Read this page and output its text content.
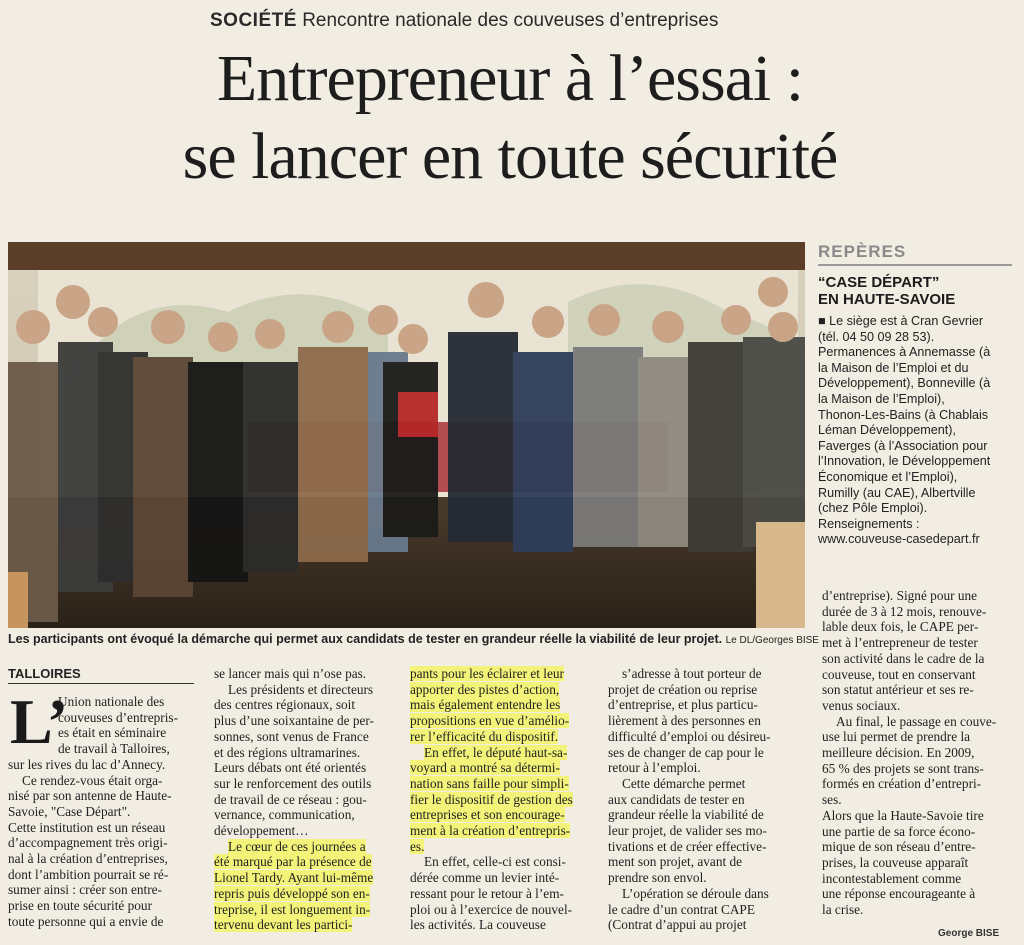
SOCIÉTÉ Rencontre nationale des couveuses d’entreprises
Entrepreneur à l’essai :
se lancer en toute sécurité
Les participants ont évoqué la démarche qui permet aux candidats de tester en grandeur réelle la viabilité de leur projet. Le DL/Georges BISE
REPÈRES
“CASE DÉPART”
EN HAUTE-SAVOIE

■ Le siège est à Cran Gevrier

(tél. 04 50 09 28 53).

Permanences à Annemasse (à

la Maison de l’Emploi et du

Développement), Bonneville (à

la Maison de l’Emploi),

Thonon-Les-Bains (à Chablais

Léman Développement),

Faverges (à l’Association pour

l’Innovation, le Développement

Économique et l’Emploi),

Rumilly (au CAE), Albertville

(chez Pôle Emploi).

Renseignements :

www.couveuse-casedepart.fr

TALLOIRES
L’

Union nationale des

couveuses d’entrepris-

es était en séminaire

de travail à Talloires,

sur les rives du lac d’Annecy.

Ce rendez-vous était orga-

nisé par son antenne de Haute-

Savoie, "Case Départ".

Cette institution est un réseau

d’accompagnement très origi-

nal à la création d’entreprises,

dont l’ambition pourrait se ré-

sumer ainsi : créer son entre-

prise en toute sécurité pour

toute personne qui a envie de

se lancer mais qui n’ose pas.

Les présidents et directeurs

des centres régionaux, soit

plus d’une soixantaine de per-

sonnes, sont venus de France

et des régions ultramarines.

Leurs débats ont été orientés

sur le renforcement des outils

de travail de ce réseau : gou-

vernance, communication,

développement…

Le cœur de ces journées a

été marqué par la présence de

Lionel Tardy. Ayant lui-même

repris puis développé son en-

treprise, il est longuement in-

tervenu devant les partici-

pants pour les éclairer et leur

apporter des pistes d’action,

mais également entendre les

propositions en vue d’amélio-

rer l’efficacité du dispositif.

En effet, le député haut-sa-

voyard a montré sa détermi-

nation sans faille pour simpli-

fier le dispositif de gestion des

entreprises et son encourage-

ment à la création d’entrepris-

es.

En effet, celle-ci est consi-

dérée comme un levier inté-

ressant pour le retour à l’em-

ploi ou à l’exercice de nouvel-

les activités. La couveuse

s’adresse à tout porteur de

projet de création ou reprise

d’entreprise, et plus particu-

lièrement à des personnes en

difficulté d’emploi ou désireu-

ses de changer de cap pour le

retour à l’emploi.

Cette démarche permet

aux candidats de tester en

grandeur réelle la viabilité de

leur projet, de valider ses mo-

tivations et de créer effective-

ment son projet, avant de

prendre son envol.

L’opération se déroule dans

le cadre d’un contrat CAPE

(Contrat d’appui au projet

d’entreprise). Signé pour une

durée de 3 à 12 mois, renouve-

lable deux fois, le CAPE per-

met à l’entrepreneur de tester

son activité dans le cadre de la

couveuse, tout en conservant

son statut antérieur et ses re-

venus sociaux.

Au final, le passage en couve-

use lui permet de prendre la

meilleure décision. En 2009,

65 % des projets se sont trans-

formés en création d’entrepri-

ses.

Alors que la Haute-Savoie tire

une partie de sa force écono-

mique de son réseau d’entre-

prises, la couveuse apparaît

incontestablement comme

une réponse encourageante à

la crise.

George BISE
